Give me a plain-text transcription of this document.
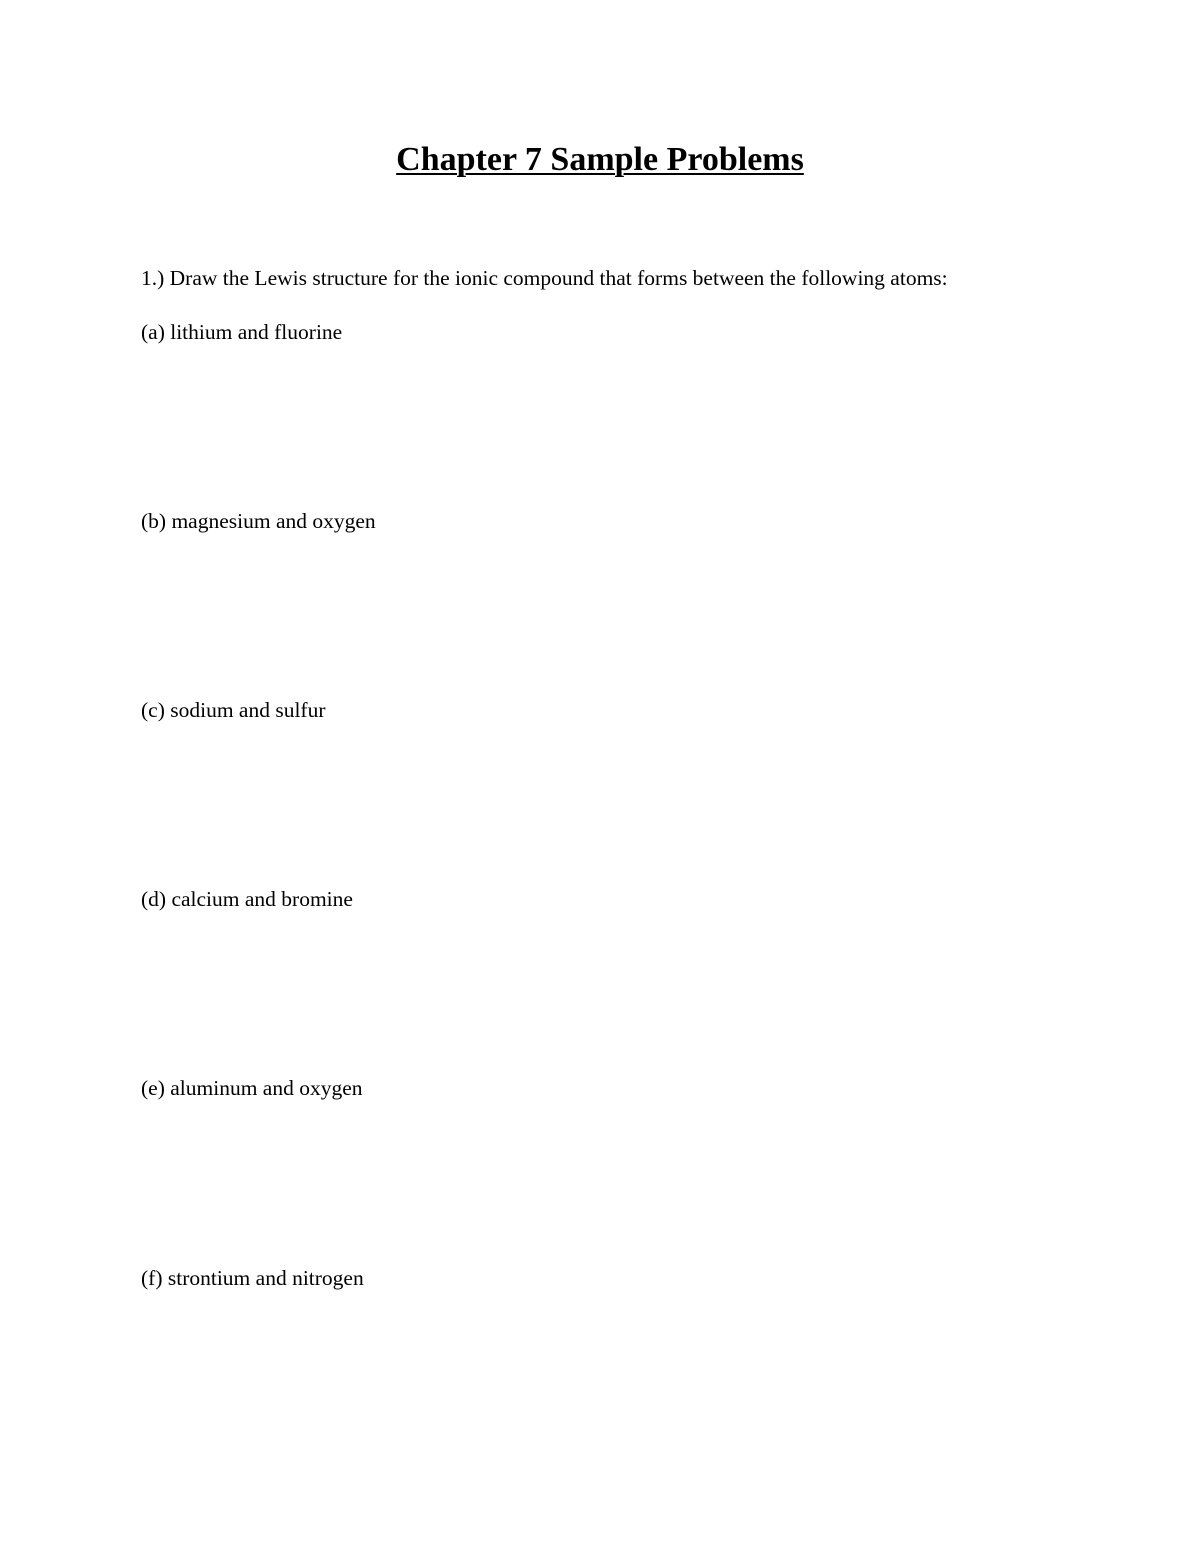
Chapter 7 Sample Problems
1.) Draw the Lewis structure for the ionic compound that forms between the following atoms:
(a) lithium and fluorine
(b) magnesium and oxygen
(c) sodium and sulfur
(d) calcium and bromine
(e) aluminum and oxygen
(f) strontium and nitrogen
